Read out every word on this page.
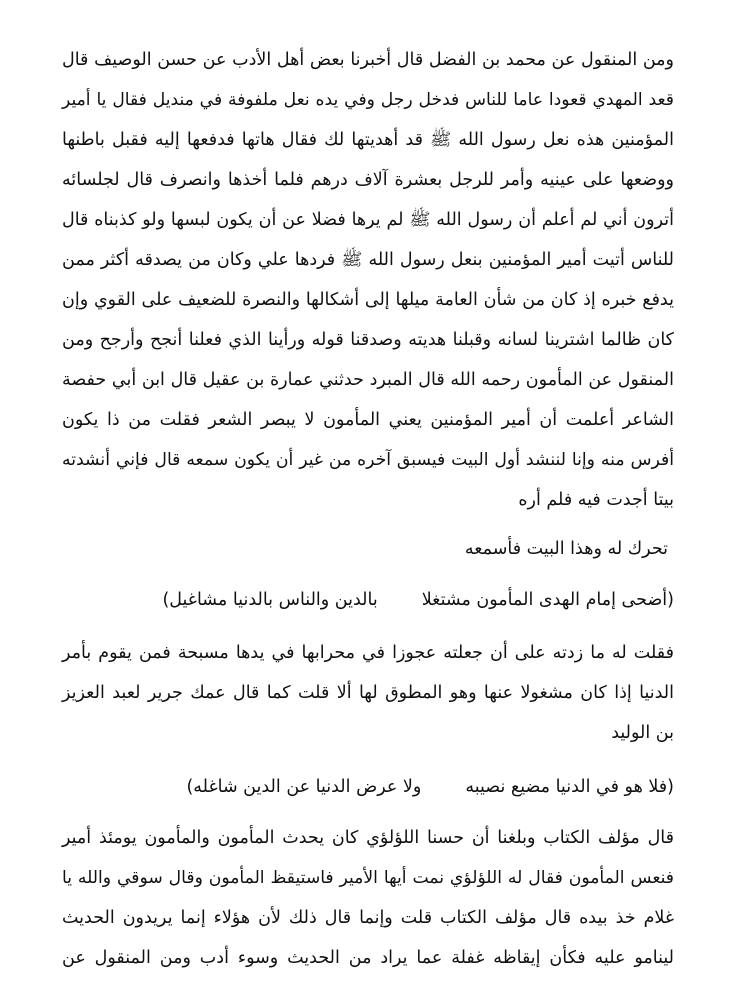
ومن المنقول عن محمد بن الفضل قال أخبرنا بعض أهل الأدب عن حسن الوصيف قال
قعد المهدي قعودا عاما للناس فدخل رجل وفي يده نعل ملفوفة في منديل فقال يا أمير
المؤمنين هذه نعل رسول الله ﷺ قد أهديتها لك فقال هاتها فدفعها إليه فقبل باطنها
ووضعها على عينيه وأمر للرجل بعشرة آلاف درهم فلما أخذها وانصرف قال لجلسائه
أترون أني لم أعلم أن رسول الله ﷺ لم يرها فضلا عن أن يكون لبسها ولو كذبناه قال
للناس أتيت أمير المؤمنين بنعل رسول الله ﷺ فردها علي وكان من يصدقه أكثر ممن
يدفع خبره إذ كان من شأن العامة ميلها إلى أشكالها والنصرة للضعيف على القوي وإن
كان ظالما اشترينا لسانه وقبلنا هديته وصدقنا قوله ورأينا الذي فعلنا أنجح وأرجح ومن
المنقول عن المأمون رحمه الله قال المبرد حدثني عمارة بن عقيل قال ابن أبي حفصة
الشاعر أعلمت أن أمير المؤمنين يعني المأمون لا يبصر الشعر فقلت من ذا يكون
أفرس منه وإنا لننشد أول البيت فيسبق آخره من غير أن يكون سمعه قال فإني أنشدته
بيتا أجدت فيه فلم أره
تحرك له وهذا البيت فأسمعه
(أضحى إمام الهدى المأمون مشتغلا
بالدين والناس بالدنيا مشاغيل)
فقلت له ما زدته على أن جعلته عجوزا في محرابها في يدها مسبحة فمن يقوم بأمر
الدنيا إذا كان مشغولا عنها وهو المطوق لها ألا قلت كما قال عمك جرير لعبد العزيز
بن الوليد
(فلا هو في الدنيا مضيع نصيبه
ولا عرض الدنيا عن الدين شاغله)
قال مؤلف الكتاب وبلغنا أن حسنا اللؤلؤي كان يحدث المأمون والمأمون يومئذ أمير
فنعس المأمون فقال له اللؤلؤي نمت أيها الأمير فاستيقظ المأمون وقال سوقي والله يا
غلام خذ بيده قال مؤلف الكتاب قلت وإنما قال ذلك لأن هؤلاء إنما يريدون الحديث
لينامو عليه فكأن إيقاظه غفلة عما يراد من الحديث وسوء أدب ومن المنقول عن
